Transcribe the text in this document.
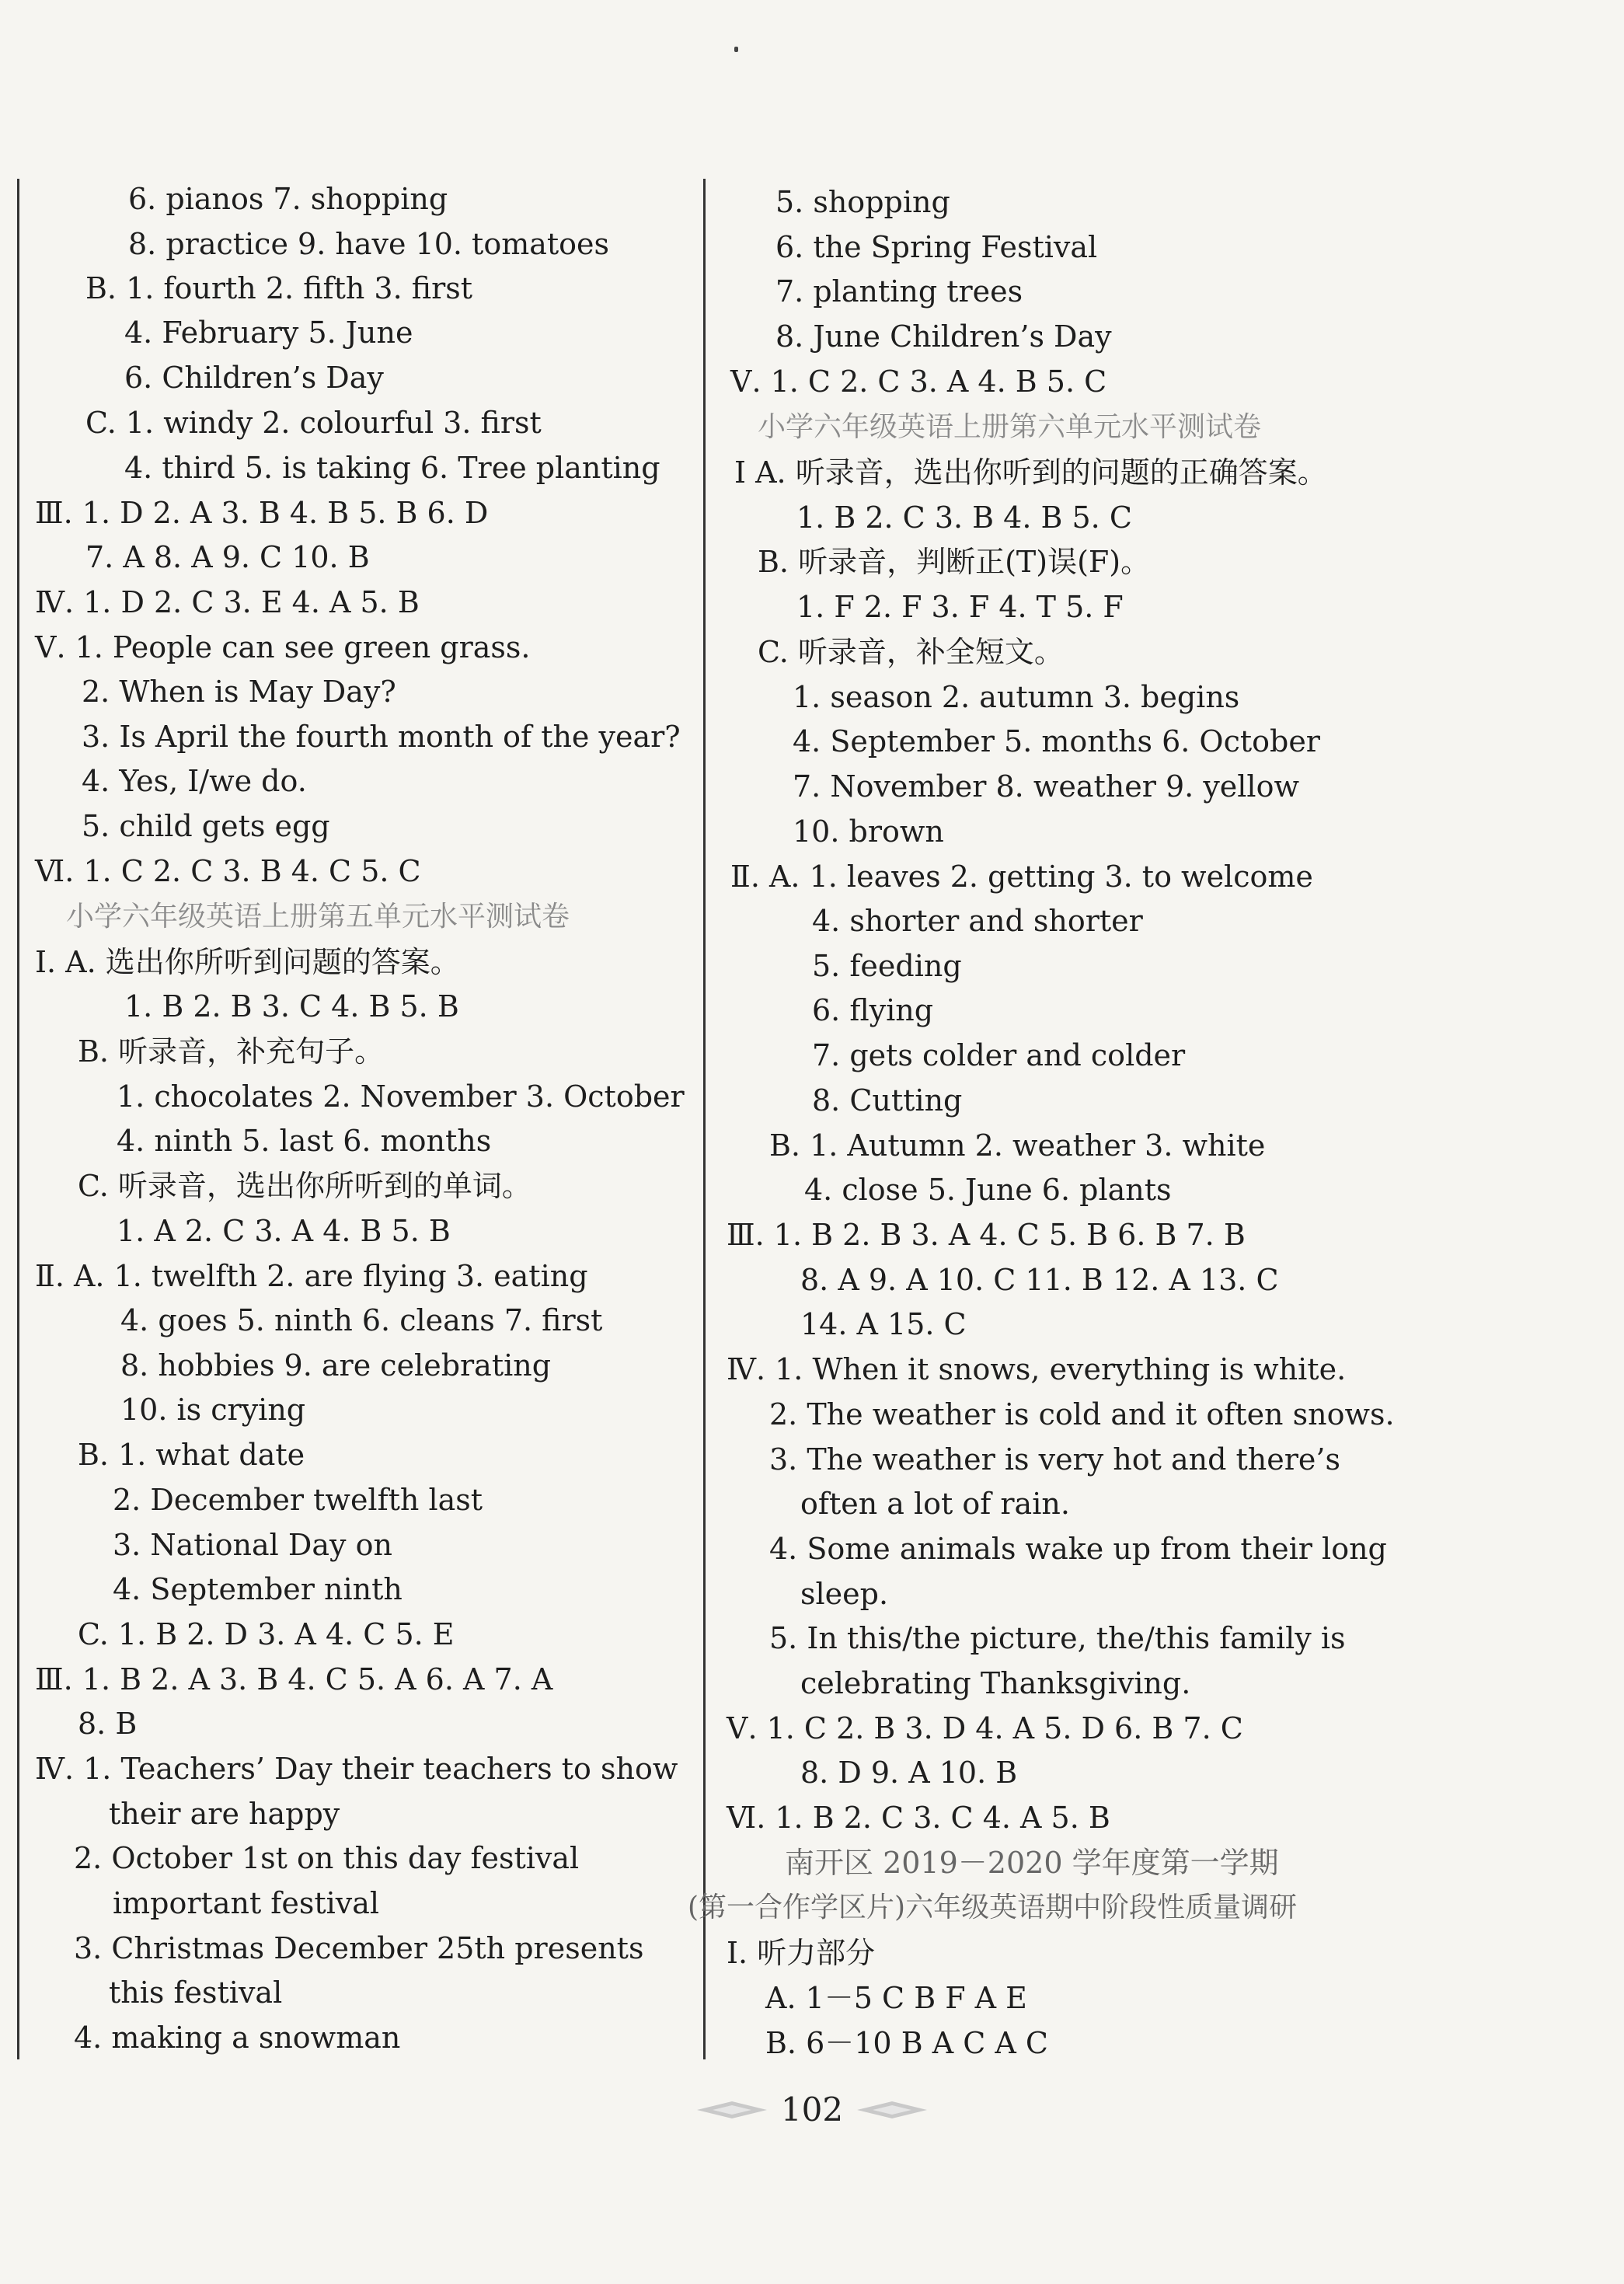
6. pianos 7. shopping
8. practice 9. have 10. tomatoes
B. 1. fourth 2. fifth 3. first
4. February 5. June
6. Children’s Day
C. 1. windy 2. colourful 3. first
4. third 5. is taking 6. Tree planting
Ⅲ. 1. D 2. A 3. B 4. B 5. B 6. D
7. A 8. A 9. C 10. B
Ⅳ. 1. D 2. C 3. E 4. A 5. B
Ⅴ. 1. People can see green grass.
2. When is May Day?
3. Is April the fourth month of the year?
4. Yes, I/we do.
5. child gets egg
Ⅵ. 1. C 2. C 3. B 4. C 5. C
小学六年级英语上册第五单元水平测试卷
Ⅰ. A. 选出你所听到问题的答案。
1. B 2. B 3. C 4. B 5. B
B. 听录音，补充句子。
1. chocolates 2. November 3. October
4. ninth 5. last 6. months
C. 听录音，选出你所听到的单词。
1. A 2. C 3. A 4. B 5. B
Ⅱ. A. 1. twelfth 2. are flying 3. eating
4. goes 5. ninth 6. cleans 7. first
8. hobbies 9. are celebrating
10. is crying
B. 1. what date
2. December twelfth last
3. National Day on
4. September ninth
C. 1. B 2. D 3. A 4. C 5. E
Ⅲ. 1. B 2. A 3. B 4. C 5. A 6. A 7. A
8. B
Ⅳ. 1. Teachers’ Day their teachers to show
their are happy
2. October 1st on this day festival
important festival
3. Christmas December 25th presents
this festival
4. making a snowman
5. shopping
6. the Spring Festival
7. planting trees
8. June Children’s Day
Ⅴ. 1. C 2. C 3. A 4. B 5. C
小学六年级英语上册第六单元水平测试卷
Ⅰ A. 听录音，选出你听到的问题的正确答案。
1. B 2. C 3. B 4. B 5. C
B. 听录音，判断正(T)误(F)。
1. F 2. F 3. F 4. T 5. F
C. 听录音，补全短文。
1. season 2. autumn 3. begins
4. September 5. months 6. October
7. November 8. weather 9. yellow
10. brown
Ⅱ. A. 1. leaves 2. getting 3. to welcome
4. shorter and shorter
5. feeding
6. flying
7. gets colder and colder
8. Cutting
B. 1. Autumn 2. weather 3. white
4. close 5. June 6. plants
Ⅲ. 1. B 2. B 3. A 4. C 5. B 6. B 7. B
8. A 9. A 10. C 11. B 12. A 13. C
14. A 15. C
Ⅳ. 1. When it snows, everything is white.
2. The weather is cold and it often snows.
3. The weather is very hot and there’s
often a lot of rain.
4. Some animals wake up from their long
sleep.
5. In this/the picture, the/this family is
celebrating Thanksgiving.
Ⅴ. 1. C 2. B 3. D 4. A 5. D 6. B 7. C
8. D 9. A 10. B
Ⅵ. 1. B 2. C 3. C 4. A 5. B
南开区 2019－2020 学年度第一学期
(第一合作学区片)六年级英语期中阶段性质量调研
Ⅰ. 听力部分
A. 1－5 C B F A E
B. 6－10 B A C A C
102
